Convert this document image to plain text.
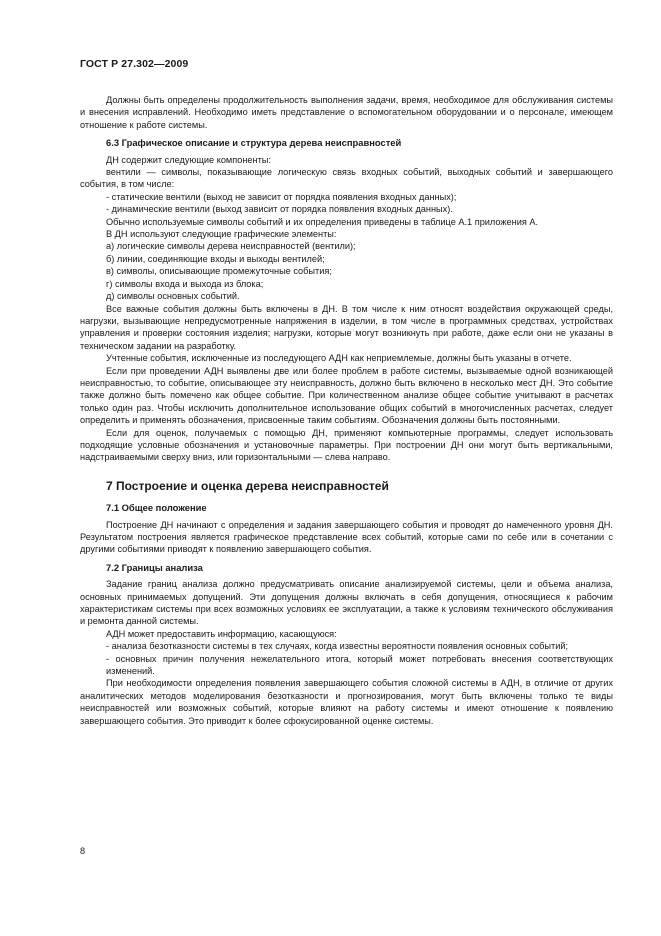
ГОСТ Р 27.302—2009

Должны быть определены продолжительность выполнения задачи, время, необходимое для обслуживания системы и внесения исправлений. Необходимо иметь представление о вспомогательном оборудовании и о персонале, имеющем отношение к работе системы.

6.3 Графическое описание и структура дерева неисправностей

ДН содержит следующие компоненты:

вентили — символы, показывающие логическую связь входных событий, выходных событий и завершающего события, в том числе:

- статические вентили (выход не зависит от порядка появления входных данных);

- динамические вентили (выход зависит от порядка появления входных данных).

Обычно используемые символы событий и их определения приведены в таблице А.1 приложения А.

В ДН используют следующие графические элементы:

а) логические символы дерева неисправностей (вентили);

б) линии, соединяющие входы и выходы вентилей;

в) символы, описывающие промежуточные события;

г) символы входа и выхода из блока;

д) символы основных событий.

Все важные события должны быть включены в ДН. В том числе к ним относят воздействия окружающей среды, нагрузки, вызывающие непредусмотренные напряжения в изделии, в том числе в программных средствах, устройствах управления и проверки состояния изделия; нагрузки, которые могут возникнуть при работе, даже если они не указаны в техническом задании на разработку.

Учтенные события, исключенные из последующего АДН как неприемлемые, должны быть указаны в отчете.

Если при проведении АДН выявлены две или более проблем в работе системы, вызываемые одной возникающей неисправностью, то событие, описывающее эту неисправность, должно быть включено в несколько мест ДН. Это событие также должно быть помечено как общее событие. При количественном анализе общее событие учитывают в расчетах только один раз. Чтобы исключить дополнительное использование общих событий в многочисленных расчетах, следует определить и применять обозначения, присвоенные таким событиям. Обозначения должны быть постоянными.

Если для оценок, получаемых с помощью ДН, применяют компьютерные программы, следует использовать подходящие условные обозначения и установочные параметры. При построении ДН они могут быть вертикальными, надстраиваемыми сверху вниз, или горизонтальными — слева направо.

7 Построение и оценка дерева неисправностей
7.1 Общее положение

Построение ДН начинают с определения и задания завершающего события и проводят до намеченного уровня ДН. Результатом построения является графическое представление всех событий, которые сами по себе или в сочетании с другими событиями приводят к появлению завершающего события.

7.2 Границы анализа

Задание границ анализа должно предусматривать описание анализируемой системы, цели и объема анализа, основных принимаемых допущений. Эти допущения должны включать в себя допущения, относящиеся к рабочим характеристикам системы при всех возможных условиях ее эксплуатации, а также к условиям технического обслуживания и ремонта данной системы.

АДН может предоставить информацию, касающуюся:

- анализа безотказности системы в тех случаях, когда известны вероятности появления основных событий;

- основных причин получения нежелательного итога, который может потребовать внесения соответствующих изменений.

При необходимости определения появления завершающего события сложной системы в АДН, в отличие от других аналитических методов моделирования безотказности и прогнозирования, могут быть включены только те виды неисправностей или возможных событий, которые влияют на работу системы и имеют отношение к появлению завершающего события. Это приводит к более сфокусированной оценке системы.

8
